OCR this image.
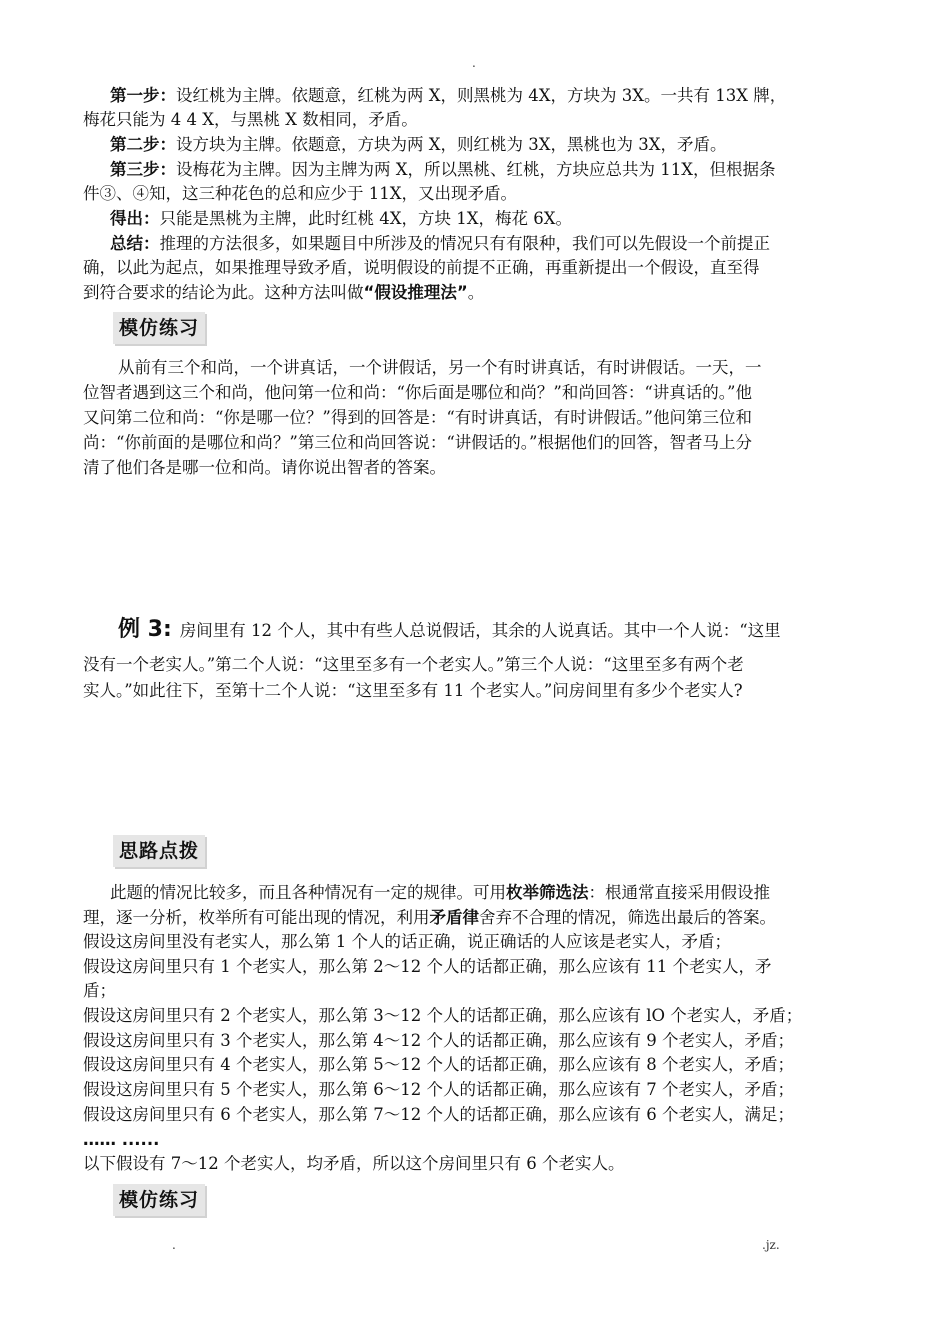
.
第一步：设红桃为主牌。依题意，红桃为两 X，则黑桃为 4X，方块为 3X。一共有 13X 牌，
梅花只能为 4 4 X，与黑桃 X 数相同，矛盾。
第二步：设方块为主牌。依题意，方块为两 X，则红桃为 3X，黑桃也为 3X，矛盾。
第三步：设梅花为主牌。因为主牌为两 X，所以黑桃、红桃，方块应总共为 11X，但根据条
件③、④知，这三种花色的总和应少于 11X，又出现矛盾。
得出：只能是黑桃为主牌，此时红桃 4X，方块 1X，梅花 6X。
总结：推理的方法很多，如果题目中所涉及的情况只有有限种，我们可以先假设一个前提正
确，以此为起点，如果推理导致矛盾，说明假设的前提不正确，再重新提出一个假设，直至得
到符合要求的结论为此。这种方法叫做“假设推理法”。
模仿练习
从前有三个和尚，一个讲真话，一个讲假话，另一个有时讲真话，有时讲假话。一天，一
位智者遇到这三个和尚，他问第一位和尚：“你后面是哪位和尚？”和尚回答：“讲真话的。”他
又问第二位和尚：“你是哪一位？”得到的回答是：“有时讲真话，有时讲假话。”他问第三位和
尚：“你前面的是哪位和尚？”第三位和尚回答说：“讲假话的。”根据他们的回答，智者马上分
清了他们各是哪一位和尚。请你说出智者的答案。
例 3: 房间里有 12 个人，其中有些人总说假话，其余的人说真话。其中一个人说：“这里
没有一个老实人。”第二个人说：“这里至多有一个老实人。”第三个人说：“这里至多有两个老
实人。”如此往下，至第十二个人说：“这里至多有 11 个老实人。”问房间里有多少个老实人?
思路点拨
此题的情况比较多，而且各种情况有一定的规律。可用枚举筛选法：根通常直接采用假设推
理，逐一分析，枚举所有可能出现的情况，利用矛盾律舍弃不合理的情况，筛选出最后的答案。
假设这房间里没有老实人，那么第 1 个人的话正确，说正确话的人应该是老实人，矛盾；
假设这房间里只有 1 个老实人，那么第 2～12 个人的话都正确，那么应该有 11 个老实人，矛
盾；
假设这房间里只有 2 个老实人，那么第 3～12 个人的话都正确，那么应该有 lO 个老实人，矛盾；
假设这房间里只有 3 个老实人，那么第 4～12 个人的话都正确，那么应该有 9 个老实人，矛盾；
假设这房间里只有 4 个老实人，那么第 5～12 个人的话都正确，那么应该有 8 个老实人，矛盾；
假设这房间里只有 5 个老实人，那么第 6～12 个人的话都正确，那么应该有 7 个老实人，矛盾；
假设这房间里只有 6 个老实人，那么第 7～12 个人的话都正确，那么应该有 6 个老实人，满足；
…… ......
以下假设有 7～12 个老实人，均矛盾，所以这个房间里只有 6 个老实人。
模仿练习
.	.jz.
